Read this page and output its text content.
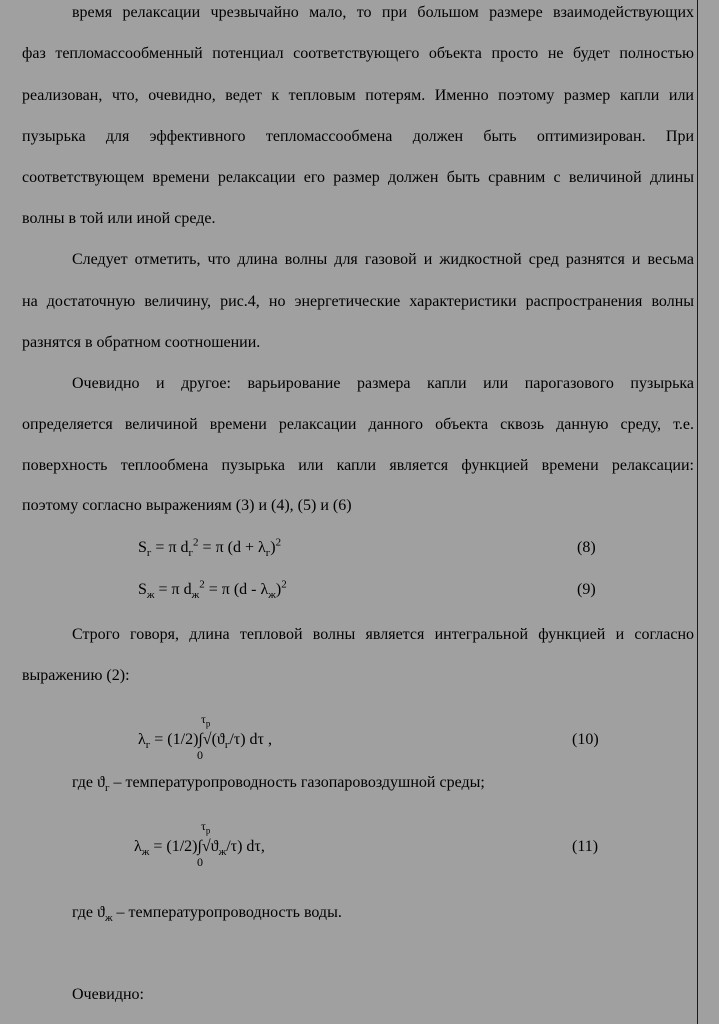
время релаксации чрезвычайно мало, то при большом размере взаимодействующих
фаз тепломассообменный потенциал соответствующего объекта просто не будет полностью
реализован, что, очевидно, ведет к тепловым потерям. Именно поэтому размер капли или
пузырька для эффективного тепломассообмена должен быть оптимизирован. При
соответствующем времени релаксации его размер должен быть сравним с величиной длины
волны в той или иной среде.
Следует отметить, что длина волны для газовой и жидкостной сред разнятся и весьма
на достаточную величину, рис.4, но энергетические характеристики распространения волны
разнятся в обратном соотношении.
Очевидно и другое: варьирование размера капли или парогазового пузырька
определяется величиной времени релаксации данного объекта сквозь данную среду, т.е.
поверхность теплообмена пузырька или капли является функцией времени релаксации:
поэтому согласно выражениям (3) и (4), (5) и (6)
$S_г = \pi$ $d_г^2 = \pi$ $(d + \lambda_г)^2$	(8)
$S_ж = \pi$ $d_ж^2 = \pi$ $(d - \lambda_ж)^2$	(9)
Строго говоря, длина тепловой волны является интегральной функцией и согласно
выражению (2):
$\tau_p$
$\lambda_г = (1/2)\int√(ϑ_г/\tau)$ dτ ,
0
(10)
где $ϑ_г$ – температуропроводность газопаровоздушной среды;
$\tau_p$
$\lambda_ж = (1/2)\int√ϑ_ж/\tau$) dτ,
0
(11)
где $ϑ_ж$ – температуропроводность воды.
Очевидно:
